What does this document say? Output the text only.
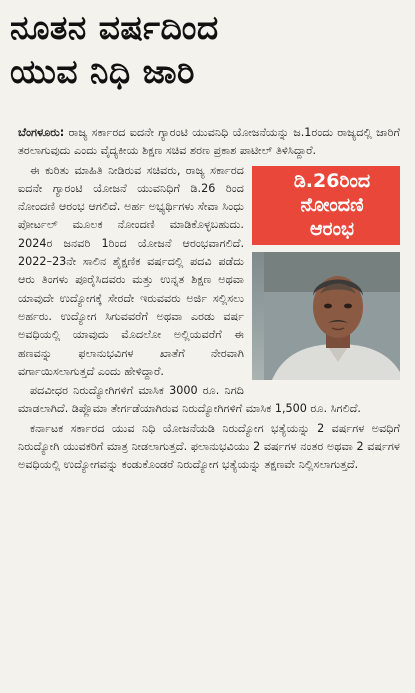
ನೂತನ ವರ್ಷದಿಂದ
ಯುವ ನಿಧಿ ಜಾರಿ

ಬೆಂಗಳೂರು: ರಾಜ್ಯ ಸರ್ಕಾರದ ಐದನೇ ಗ್ಯಾರಂಟಿ ಯುವನಿಧಿ ಯೋಜನೆಯನ್ನು ಜ.1ರಂದು ರಾಜ್ಯದಲ್ಲಿ ಜಾರಿಗೆ ತರಲಾಗುವುದು ಎಂದು ವೈದ್ಯಕೀಯ ಶಿಕ್ಷಣ ಸಚಿವ ಶರಣ ಪ್ರಕಾಶ ಪಾಟೀಲ್ ತಿಳಿಸಿದ್ದಾರೆ.

ಡಿ.26ರಿಂದ
ನೋಂದಣಿ
ಆರಂಭ
ಈ ಕುರಿತು ಮಾಹಿತಿ ನೀಡಿರುವ ಸಚಿವರು, ರಾಜ್ಯ ಸರ್ಕಾರದ ಐದನೇ ಗ್ಯಾರಂಟಿ ಯೋಜನೆ ಯುವನಿಧಿಗೆ ಡಿ.26 ರಿಂದ ನೋಂದಣಿ ಆರಂಭ ಆಗಲಿದೆ. ಅರ್ಹ ಅಭ್ಯರ್ಥಿಗಳು ಸೇವಾ ಸಿಂಧು ಪೋರ್ಟಲ್ ಮೂಲಕ ನೋಂದಣಿ ಮಾಡಿಕೊಳ್ಳಬಹುದು. 2024ರ ಜನವರಿ 1ರಿಂದ ಯೋಜನೆ ಆರಂಭವಾಗಲಿದೆ. 2022–23ನೇ ಸಾಲಿನ ಶೈಕ್ಷಣಿಕ ವರ್ಷದಲ್ಲಿ ಪದವಿ ಪಡೆದು ಆರು ತಿಂಗಳು ಪೂರೈಸಿದವರು ಮತ್ತು ಉನ್ನತ ಶಿಕ್ಷಣ ಅಥವಾ ಯಾವುದೇ ಉದ್ಯೋಗಕ್ಕೆ ಸೇರದೇ ಇರುವವರು ಅರ್ಜಿ ಸಲ್ಲಿಸಲು ಅರ್ಹರು. ಉದ್ಯೋಗ ಸಿಗುವವರೆಗೆ ಅಥವಾ ಎರಡು ವರ್ಷ ಅವಧಿಯಲ್ಲಿ ಯಾವುದು ಮೊದಲೋ ಅಲ್ಲಿಯವರೆಗೆ ಈ ಹಣವನ್ನು ಫಲಾನುಭವಿಗಳ ಖಾತೆಗೆ ನೇರವಾಗಿ ವರ್ಗಾಯಿಸಲಾಗುತ್ತದೆ ಎಂದು ಹೇಳಿದ್ದಾರೆ.

ಪದವೀಧರ ನಿರುದ್ಯೋಗಿಗಳಿಗೆ ಮಾಸಿಕ 3000 ರೂ. ನಿಗದಿ ಮಾಡಲಾಗಿದೆ. ಡಿಪ್ಲೊಮಾ ತೇರ್ಗಡೆಯಾಗಿರುವ ನಿರುದ್ಯೋಗಿಗಳಿಗೆ ಮಾಸಿಕ 1,500 ರೂ. ಸಿಗಲಿದೆ.

ಕರ್ನಾಟಕ ಸರ್ಕಾರದ ಯುವ ನಿಧಿ ಯೋಜನೆಯಡಿ ನಿರುದ್ಯೋಗ ಭತ್ಯೆಯನ್ನು 2 ವರ್ಷಗಳ ಅವಧಿಗೆ ನಿರುದ್ಯೋಗಿ ಯುವಕರಿಗೆ ಮಾತ್ರ ನೀಡಲಾಗುತ್ತದೆ. ಫಲಾನುಭವಿಯು 2 ವರ್ಷಗಳ ನಂತರ ಅಥವಾ 2 ವರ್ಷಗಳ ಅವಧಿಯಲ್ಲಿ ಉದ್ಯೋಗವನ್ನು ಕಂಡುಕೊಂಡರೆ ನಿರುದ್ಯೋಗ ಭತ್ಯೆಯನ್ನು ತಕ್ಷಣವೇ ನಿಲ್ಲಿಸಲಾಗುತ್ತದೆ.
